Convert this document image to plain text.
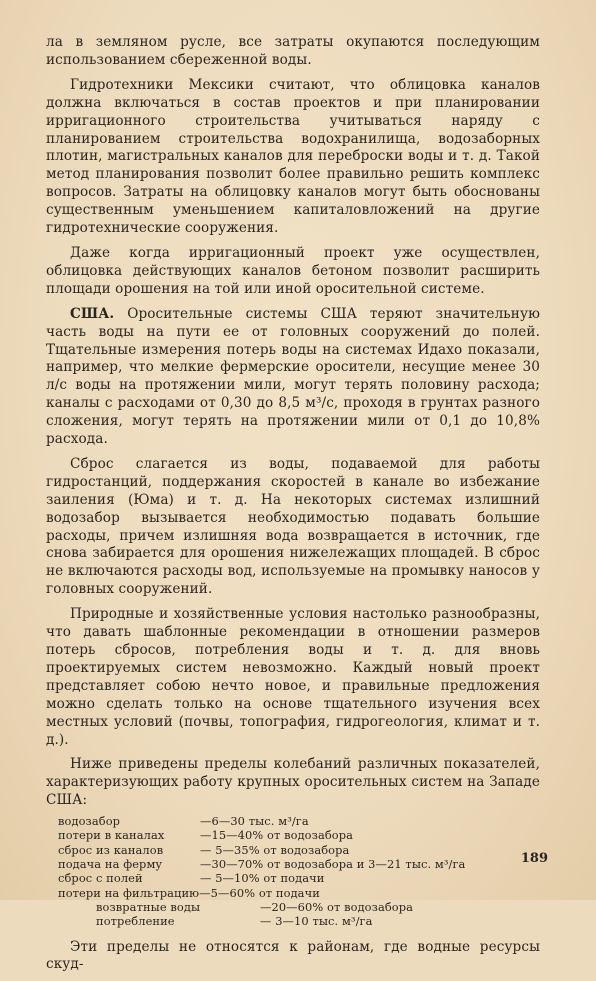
ла в земляном русле, все затраты окупаются последующим использованием сбереженной воды.

Гидротехники Мексики считают, что облицовка каналов должна включаться в состав проектов и при планировании ирригационного строительства учитываться наряду с планированием строительства водохранилища, водозаборных плотин, магистральных каналов для переброски воды и т. д. Такой метод планирования позволит более правильно решить комплекс вопросов. Затраты на облицовку каналов могут быть обоснованы существенным уменьшением капиталовложений на другие гидротехнические сооружения.

Даже когда ирригационный проект уже осуществлен, облицовка действующих каналов бетоном позволит расширить площади орошения на той или иной оросительной системе.

США. Оросительные системы США теряют значительную часть воды на пути ее от головных сооружений до полей. Тщательные измерения потерь воды на системах Идахо показали, например, что мелкие фермерские оросители, несущие менее 30 л/с воды на протяжении мили, могут терять половину расхода; каналы с расходами от 0,30 до 8,5 м³/с, проходя в грунтах разного сложения, могут терять на протяжении мили от 0,1 до 10,8% расхода.

Сброс слагается из воды, подаваемой для работы гидростанций, поддержания скоростей в канале во избежание заиления (Юма) и т. д. На некоторых системах излишний водозабор вызывается необходимостью подавать большие расходы, причем излишняя вода возвращается в источник, где снова забирается для орошения нижележащих площадей. В сброс не включаются расходы вод, используемые на промывку наносов у головных сооружений.

Природные и хозяйственные условия настолько разнообразны, что давать шаблонные рекомендации в отношении размеров потерь сбросов, потребления воды и т. д. для вновь проектируемых систем невозможно. Каждый новый проект представляет собою нечто новое, и правильные предложения можно сделать только на основе тщательного изучения всех местных условий (почвы, топография, гидрогеология, климат и т. д.).

Ниже приведены пределы колебаний различных показателей, характеризующих работу крупных оросительных систем на Западе США:

водозабор	—6—30 тыс. м³/га
потери в каналах	—15—40% от водозабора
сброс из каналов	— 5—35% от водозабора
подача на ферму	—30—70% от водозабора и 3—21 тыс. м³/га
сброс с полей	— 5—10% от подачи
потери на фильтрацию —5—60% от подачи
возвратные воды	—20—60% от водозабора
потребление	— 3—10 тыс. м³/га

Эти пределы не относятся к районам, где водные ресурсы скуд-

189
